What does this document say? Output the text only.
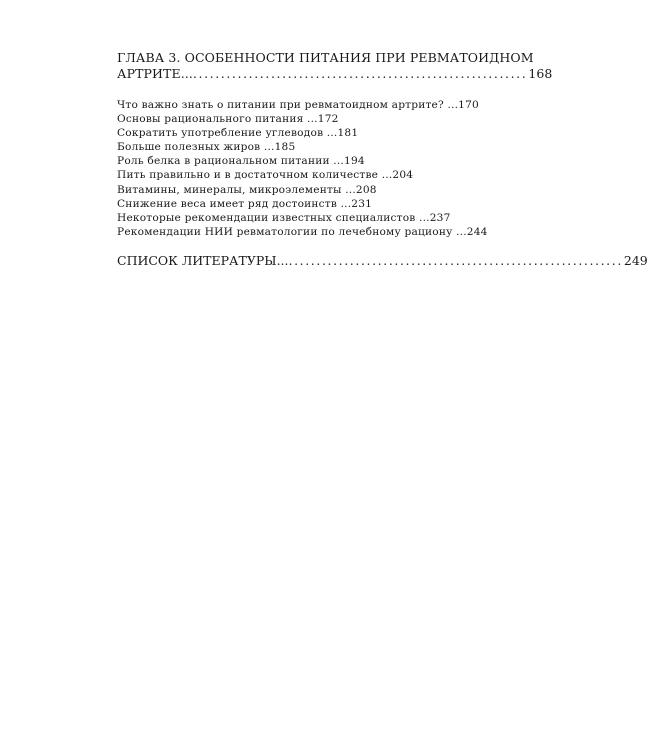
ГЛАВА 3. ОСОБЕННОСТИ ПИТАНИЯ ПРИ РЕВМАТОИДНОМ
АРТРИТЕ... ............................................................ 168
Что важно знать о питании при ревматоидном артрите? ...170
Основы рационального питания ...172
Сократить употребление углеводов ...181
Больше полезных жиров ...185
Роль белка в рациональном питании ...194
Пить правильно и в достаточном количестве ...204
Витамины, минералы, микроэлементы ...208
Снижение веса имеет ряд достоинств ...231
Некоторые рекомендации известных специалистов ...237
Рекомендации НИИ ревматологии по лечебному рациону ...244
СПИСОК ЛИТЕРАТУРЫ... ............................................................ 249
